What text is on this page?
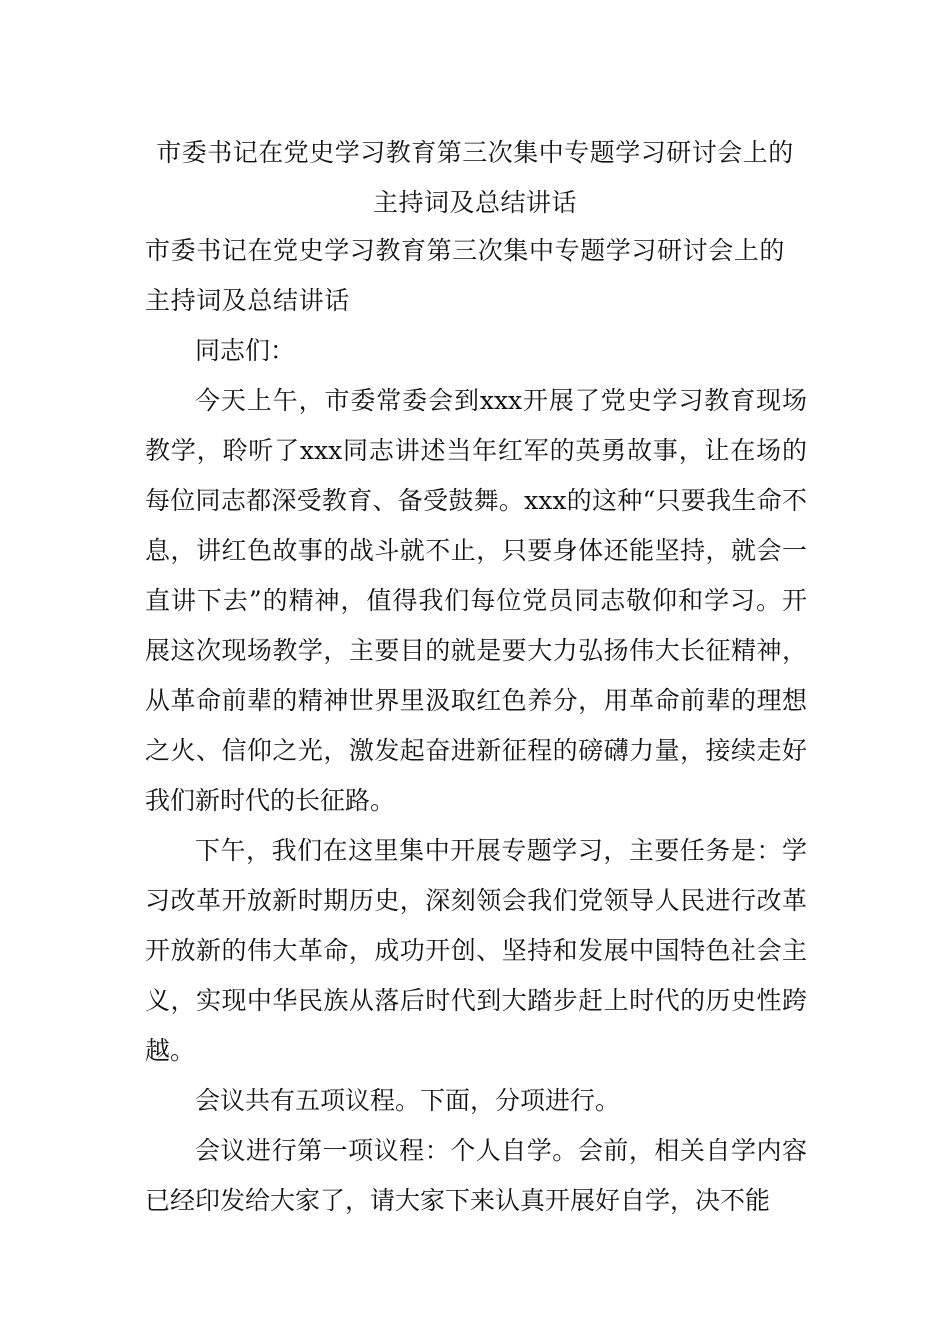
市委书记在党史学习教育第三次集中专题学习研讨会上的
主持词及总结讲话

市委书记在党史学习教育第三次集中专题学习研讨会上的

主持词及总结讲话

同志们：

今天上午，市委常委会到xxx开展了党史学习教育现场教学，聆听了xxx同志讲述当年红军的英勇故事，让在场的每位同志都深受教育、备受鼓舞。xxx的这种“只要我生命不息，讲红色故事的战斗就不止，只要身体还能坚持，就会一直讲下去”的精神，值得我们每位党员同志敬仰和学习。开展这次现场教学，主要目的就是要大力弘扬伟大长征精神，从革命前辈的精神世界里汲取红色养分，用革命前辈的理想之火、信仰之光，激发起奋进新征程的磅礴力量，接续走好我们新时代的长征路。

下午，我们在这里集中开展专题学习，主要任务是：学习改革开放新时期历史，深刻领会我们党领导人民进行改革开放新的伟大革命，成功开创、坚持和发展中国特色社会主义，实现中华民族从落后时代到大踏步赶上时代的历史性跨越。

会议共有五项议程。下面，分项进行。

会议进行第一项议程：个人自学。会前，相关自学内容已经印发给大家了，请大家下来认真开展好自学，决不能
